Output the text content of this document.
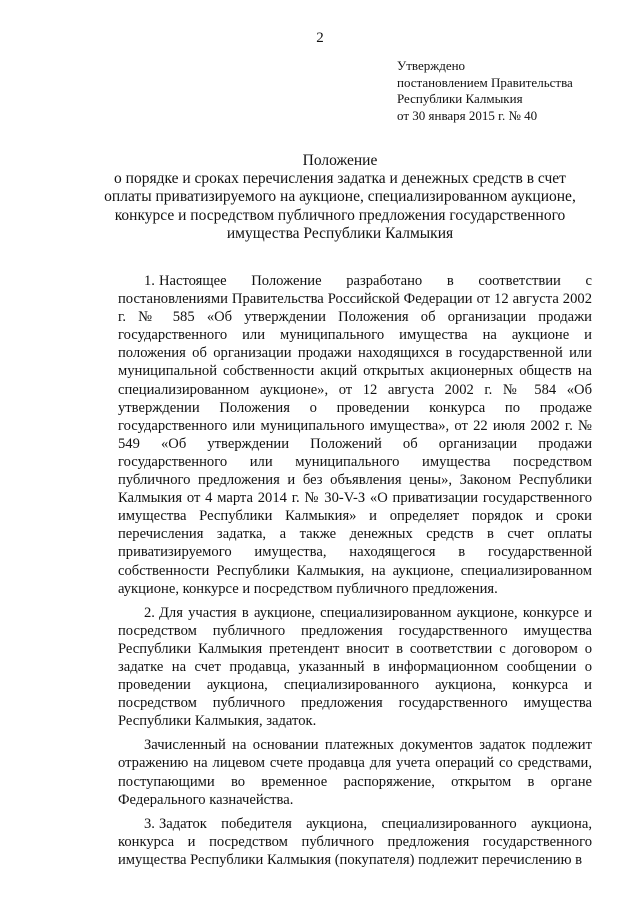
2
Утверждено
постановлением Правительства
Республики Калмыкия
от 30 января 2015 г. № 40
Положение
о порядке и сроках перечисления задатка и денежных средств в счет
оплаты приватизируемого на аукционе, специализированном аукционе,
конкурсе и посредством публичного предложения государственного
имущества Республики Калмыкия

1. Настоящее Положение разработано в соответствии с постановлениями Правительства Российской Федерации от 12 августа 2002 г. № 585 «Об утверждении Положения об организации продажи государственного или муниципального имущества на аукционе и положения об организации продажи находящихся в государственной или муниципальной собственности акций открытых акционерных обществ на специализированном аукционе», от 12 августа 2002 г. № 584 «Об утверждении Положения о проведении конкурса по продаже государственного или муниципального имущества», от 22 июля 2002 г. № 549 «Об утверждении Положений об организации продажи государственного или муниципального имущества посредством публичного предложения и без объявления цены», Законом Республики Калмыкия от 4 марта 2014 г. № 30-V-З «О приватизации государственного имущества Республики Калмыкия» и определяет порядок и сроки перечисления задатка, а также денежных средств в счет оплаты приватизируемого имущества, находящегося в государственной собственности Республики Калмыкия, на аукционе, специализированном аукционе, конкурсе и посредством публичного предложения.

2. Для участия в аукционе, специализированном аукционе, конкурсе и посредством публичного предложения государственного имущества Республики Калмыкия претендент вносит в соответствии с договором о задатке на счет продавца, указанный в информационном сообщении о проведении аукциона, специализированного аукциона, конкурса и посредством публичного предложения государственного имущества Республики Калмыкия, задаток.

Зачисленный на основании платежных документов задаток подлежит отражению на лицевом счете продавца для учета операций со средствами, поступающими во временное распоряжение, открытом в органе Федерального казначейства.

3. Задаток победителя аукциона, специализированного аукциона, конкурса и посредством публичного предложения государственного имущества Республики Калмыкия (покупателя) подлежит перечислению в
